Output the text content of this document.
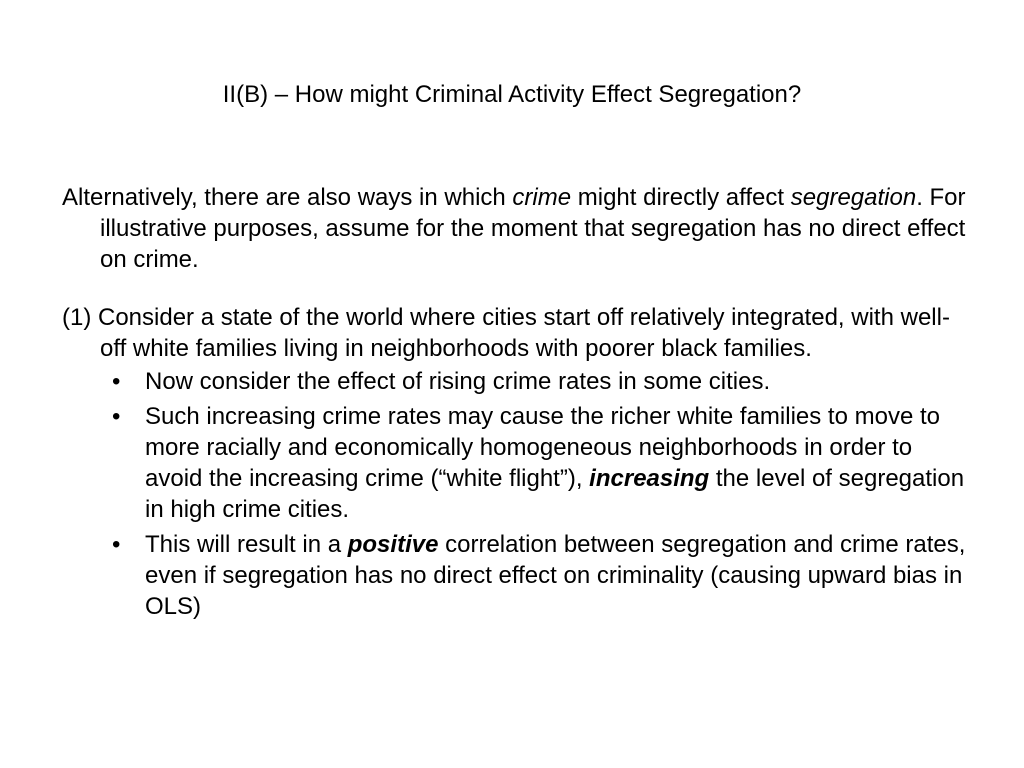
II(B) – How might Criminal Activity Effect Segregation?

Alternatively, there are also ways in which crime might directly affect segregation. For illustrative purposes, assume for the moment that segregation has no direct effect on crime.

(1) Consider a state of the world where cities start off relatively integrated, with well-off white families living in neighborhoods with poorer black families.

• Now consider the effect of rising crime rates in some cities.
• Such increasing crime rates may cause the richer white families to move to more racially and economically homogeneous neighborhoods in order to avoid the increasing crime (“white flight”), increasing the level of segregation in high crime cities.
• This will result in a positive correlation between segregation and crime rates, even if segregation has no direct effect on criminality (causing upward bias in OLS)
